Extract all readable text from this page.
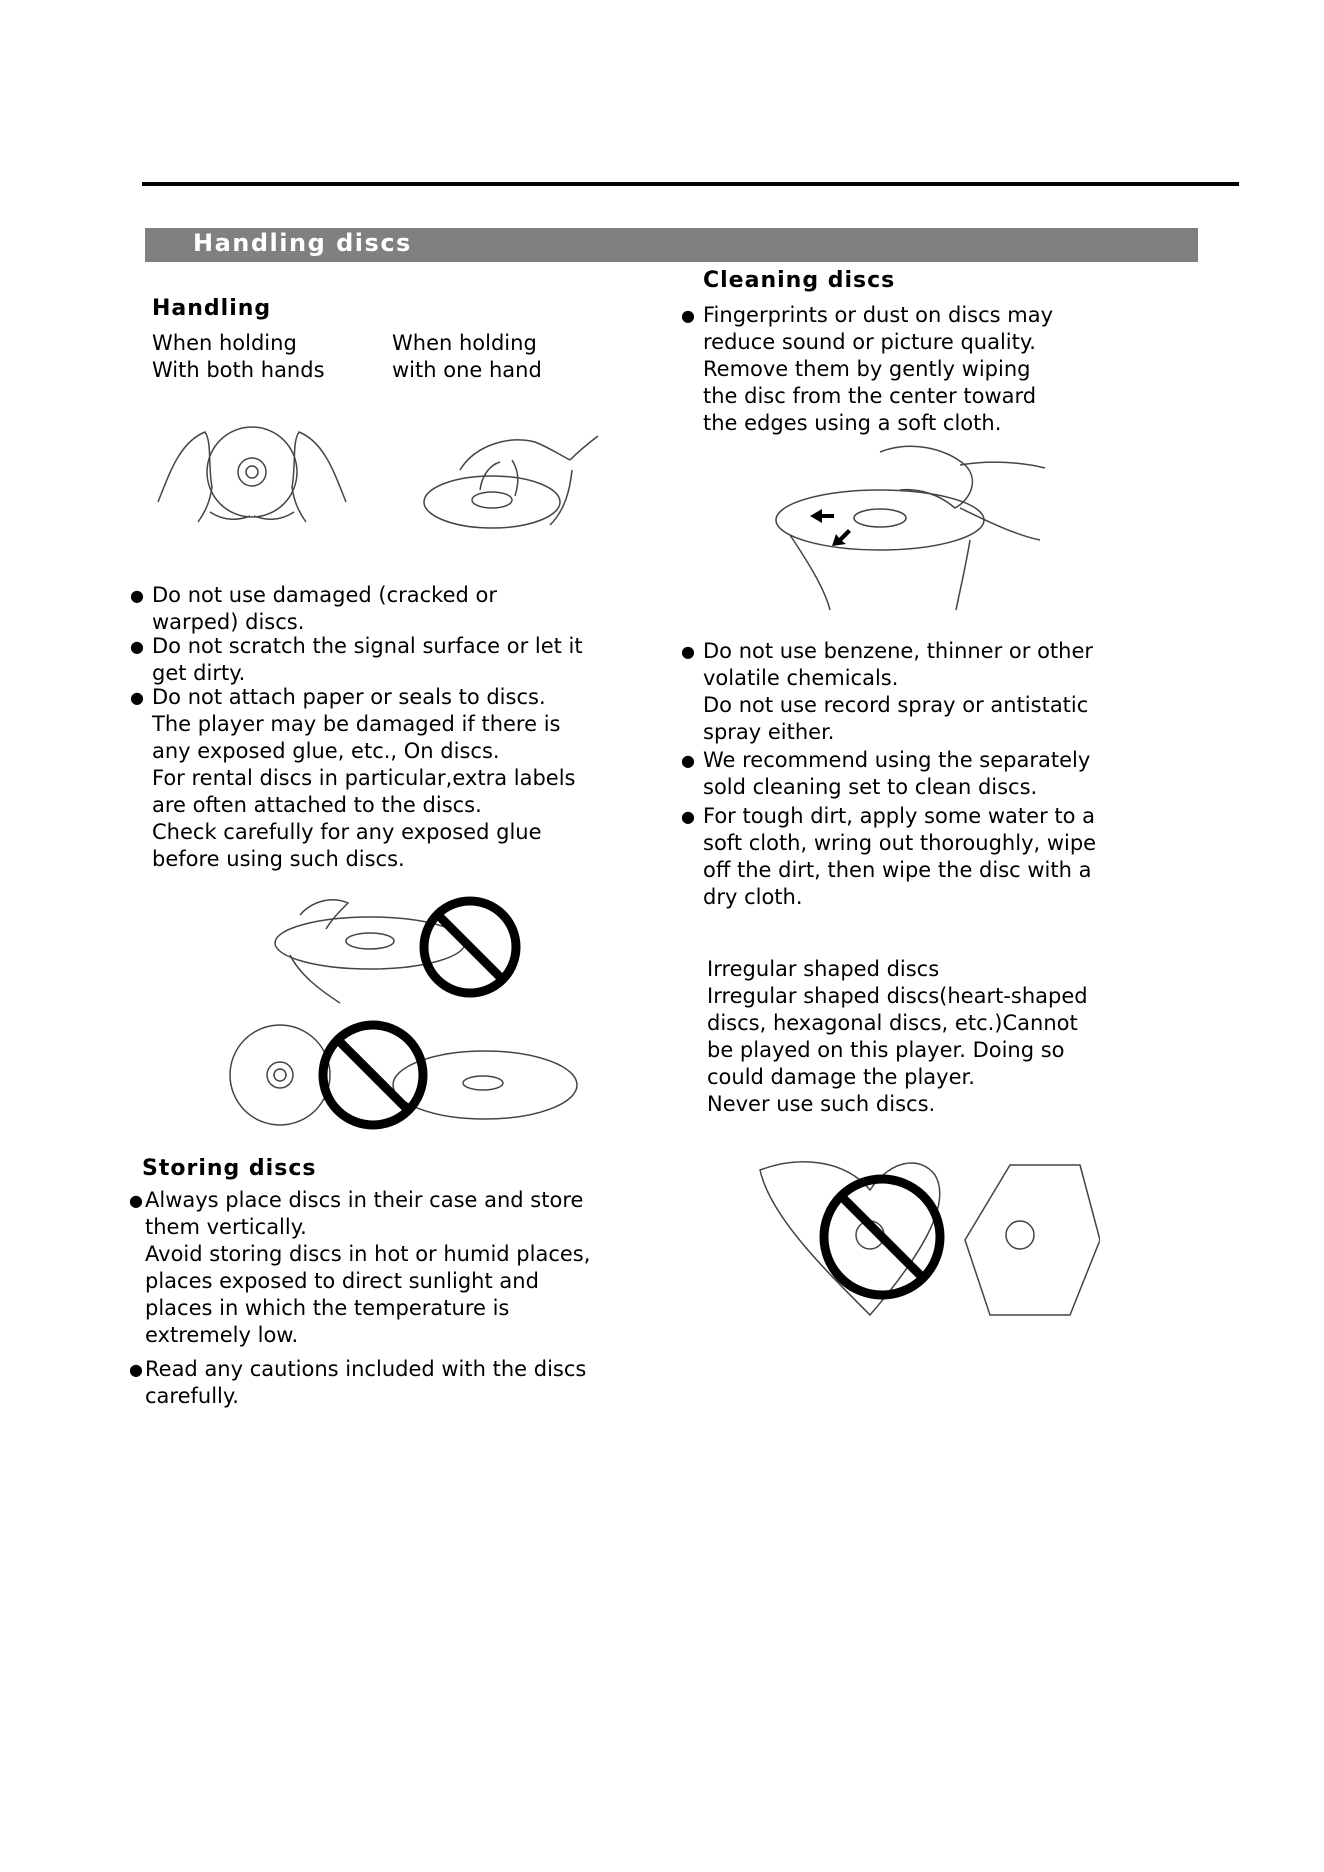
Handling discs
Handling
When holding
With both hands
When holding
with one hand
● Do not use damaged (cracked or
warped) discs.
● Do not scratch the signal surface or let it
get dirty.
● Do not attach paper or seals to discs.
The player may be damaged if there is
any exposed glue, etc., On discs.
For rental discs in particular,extra labels
are often attached to the discs.
Check carefully for any exposed glue
before using such discs.
Storing discs
● Always place discs in their case and store
them vertically.
Avoid storing discs in hot or humid places,
places exposed to direct sunlight and
places in which the temperature is
extremely low.
● Read any cautions included with the discs
carefully.
Cleaning discs
● Fingerprints or dust on discs may
reduce sound or picture quality.
Remove them by gently wiping
the disc from the center toward
the edges using a soft cloth.
● Do not use benzene, thinner or other
volatile chemicals.
Do not use record spray or antistatic
spray either.
● We recommend using the separately
sold cleaning set to clean discs.
● For tough dirt, apply some water to a
soft cloth, wring out thoroughly, wipe
off the dirt, then wipe the disc with a
dry cloth.
Irregular shaped discs
Irregular shaped discs(heart-shaped
discs, hexagonal discs, etc.)Cannot
be played on this player. Doing so
could damage the player.
Never use such discs.
